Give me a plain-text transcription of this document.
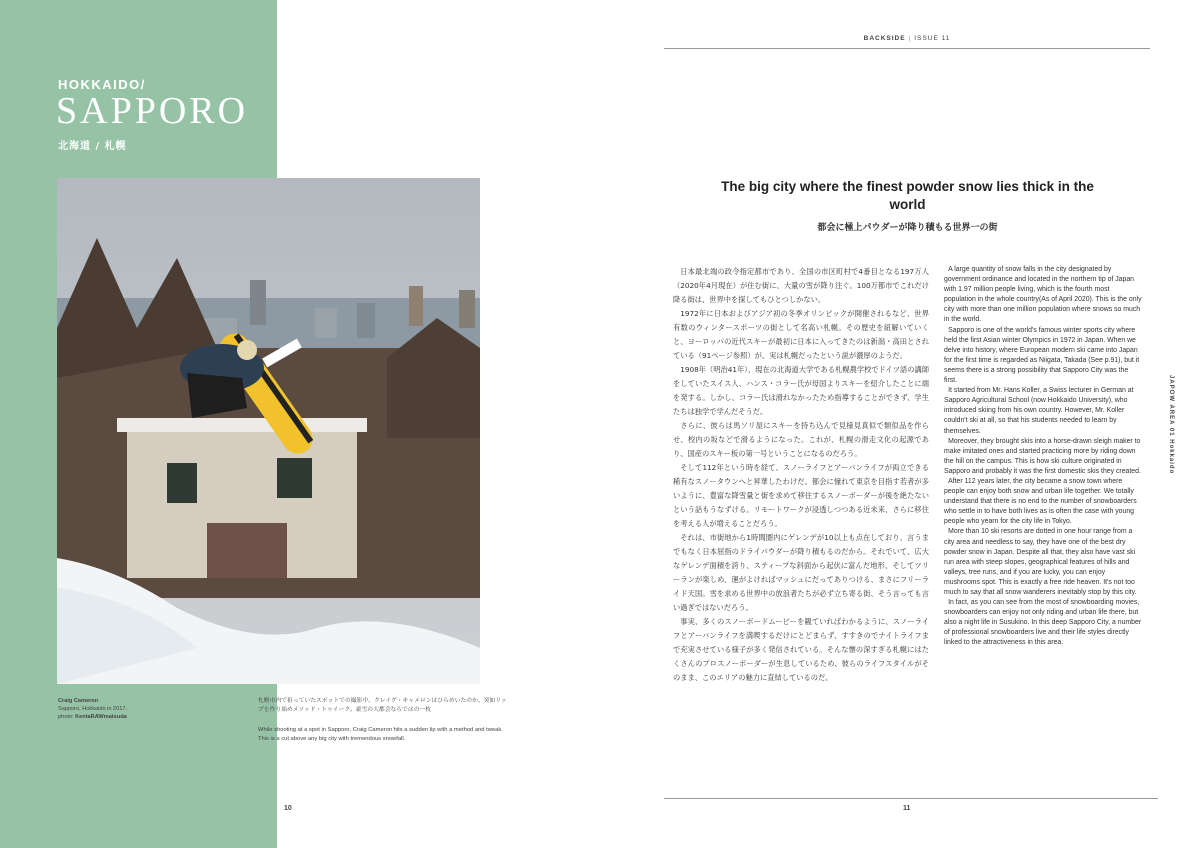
HOKKAIDO/
SAPPORO
北海道 / 札幌
Craig Cameron
Sapporo, Hokkaido in 2017.
photo: KentaRAWmatsuda
札幌市内で狙っていたスポットでの撮影中、クレイグ・キャメロンはひらめいたのか、突如リップを作り始めメソッド・トゥイーク。豪雪の大都会ならではの一枚
While shooting at a spot in Sapporo, Craig Cameron hits a sudden lip with a method and tweak. This is a cut above any big city with tremendous snowfall.
10
BACKSIDE | ISSUE 11
JAPOW AREA 01 Hokkaido
The big city where the finest powder snow lies thick in the world
都会に極上パウダーが降り積もる世界一の街

日本最北端の政令指定都市であり、全国の市区町村で4番目となる197万人（2020年4月現在）が住む街に、大量の雪が降り注ぐ。100万都市でこれだけ降る街は、世界中を探してもひとつしかない。

1972年に日本およびアジア初の冬季オリンピックが開催されるなど、世界有数のウィンタースポーツの街として名高い札幌。その歴史を紐解いていくと、ヨーロッパの近代スキーが最初に日本に入ってきたのは新潟・高田とされている（91ページ参照）が、実は札幌だったという説が濃厚のようだ。

1908年（明治41年）、現在の北海道大学である札幌農学校でドイツ語の講師をしていたスイス人、ハンス・コラー氏が母国よりスキーを紹介したことに端を発する。しかし、コラー氏は滑れなかったため指導することができず、学生たちは独学で学んだそうだ。

さらに、彼らは馬ソリ屋にスキーを持ち込んで見様見真似で類似品を作らせ、校内の坂などで滑るようになった。これが、札幌の滑走文化の起源であり、国産のスキー板の第一号ということになるのだろう。

そして112年という時を経て、スノーライフとアーバンライフが両立できる稀有なスノータウンへと昇華したわけだ。都会に憧れて東京を目指す若者が多いように、豊富な降雪量と街を求めて移住するスノーボーダーが後を絶たないという話もうなずける。リモートワークが浸透しつつある近未来、さらに移住を考える人が増えることだろう。

それは、市街地から1時間圏内にゲレンデが10以上も点在しており、言うまでもなく日本屈指のドライパウダーが降り積もるのだから。それでいて、広大なゲレンデ面積を誇り、スティープな斜面から起伏に富んだ地形、そしてツリーランが楽しめ、運がよければマッシュにだってありつける、まさにフリーライド天国。雪を求める世界中の放浪者たちが必ず立ち寄る街、そう言っても言い過ぎではないだろう。

事実、多くのスノーボードムービーを観ていればわかるように、スノーライフとアーバンライフを満喫するだけにとどまらず、すすきのでナイトライフまで充実させている様子が多く発信されている。そんな懐の深すぎる札幌にはたくさんのプロスノーボーダーが生息しているため、彼らのライフスタイルがそのまま、このエリアの魅力に直結しているのだ。

A large quantity of snow falls in the city designated by government ordinance and located in the northern tip of Japan with 1.97 million people living, which is the fourth most population in the whole country(As of April 2020). This is the only city with more than one million population where snows so much in the world.

Sapporo is one of the world's famous winter sports city where held the first Asian winter Olympics in 1972 in Japan. When we delve into history, where European modern ski came into Japan for the first time is regarded as Niigata, Takada (See p.91), but it seems there is a strong possibility that Sapporo City was the first.

It started from Mr. Hans Koller, a Swiss lecturer in German at Sapporo Agricultural School (now Hokkaido University), who introduced skiing from his own country. However, Mr. Koller couldn't ski at all, so that his students needed to learn by themselves.

Moreover, they brought skis into a horse-drawn sleigh maker to make imitated ones and started practicing more by riding down the hill on the campus. This is how ski culture originated in Sapporo and probably it was the first domestic skis they created.

After 112 years later, the city became a snow town where people can enjoy both snow and urban life together. We totally understand that there is no end to the number of snowboarders who settle in to have both lives as is often the case with young people who yearn for the city life in Tokyo.

More than 10 ski resorts are dotted in one hour range from a city area and needless to say, they have one of the best dry powder snow in Japan. Despite all that, they also have vast ski run area with steep slopes, geographical features of hills and valleys, tree runs, and if you are lucky, you can enjoy mushrooms spot. This is exactly a free ride heaven. It's not too much to say that all snow wanderers inevitably stop by this city.

In fact, as you can see from the most of snowboarding movies, snowboarders can enjoy not only riding and urban life there, but also a night life in Susukino. In this deep Sapporo City, a number of professional snowboarders live and their life styles directly linked to the attractiveness in this area.

11
